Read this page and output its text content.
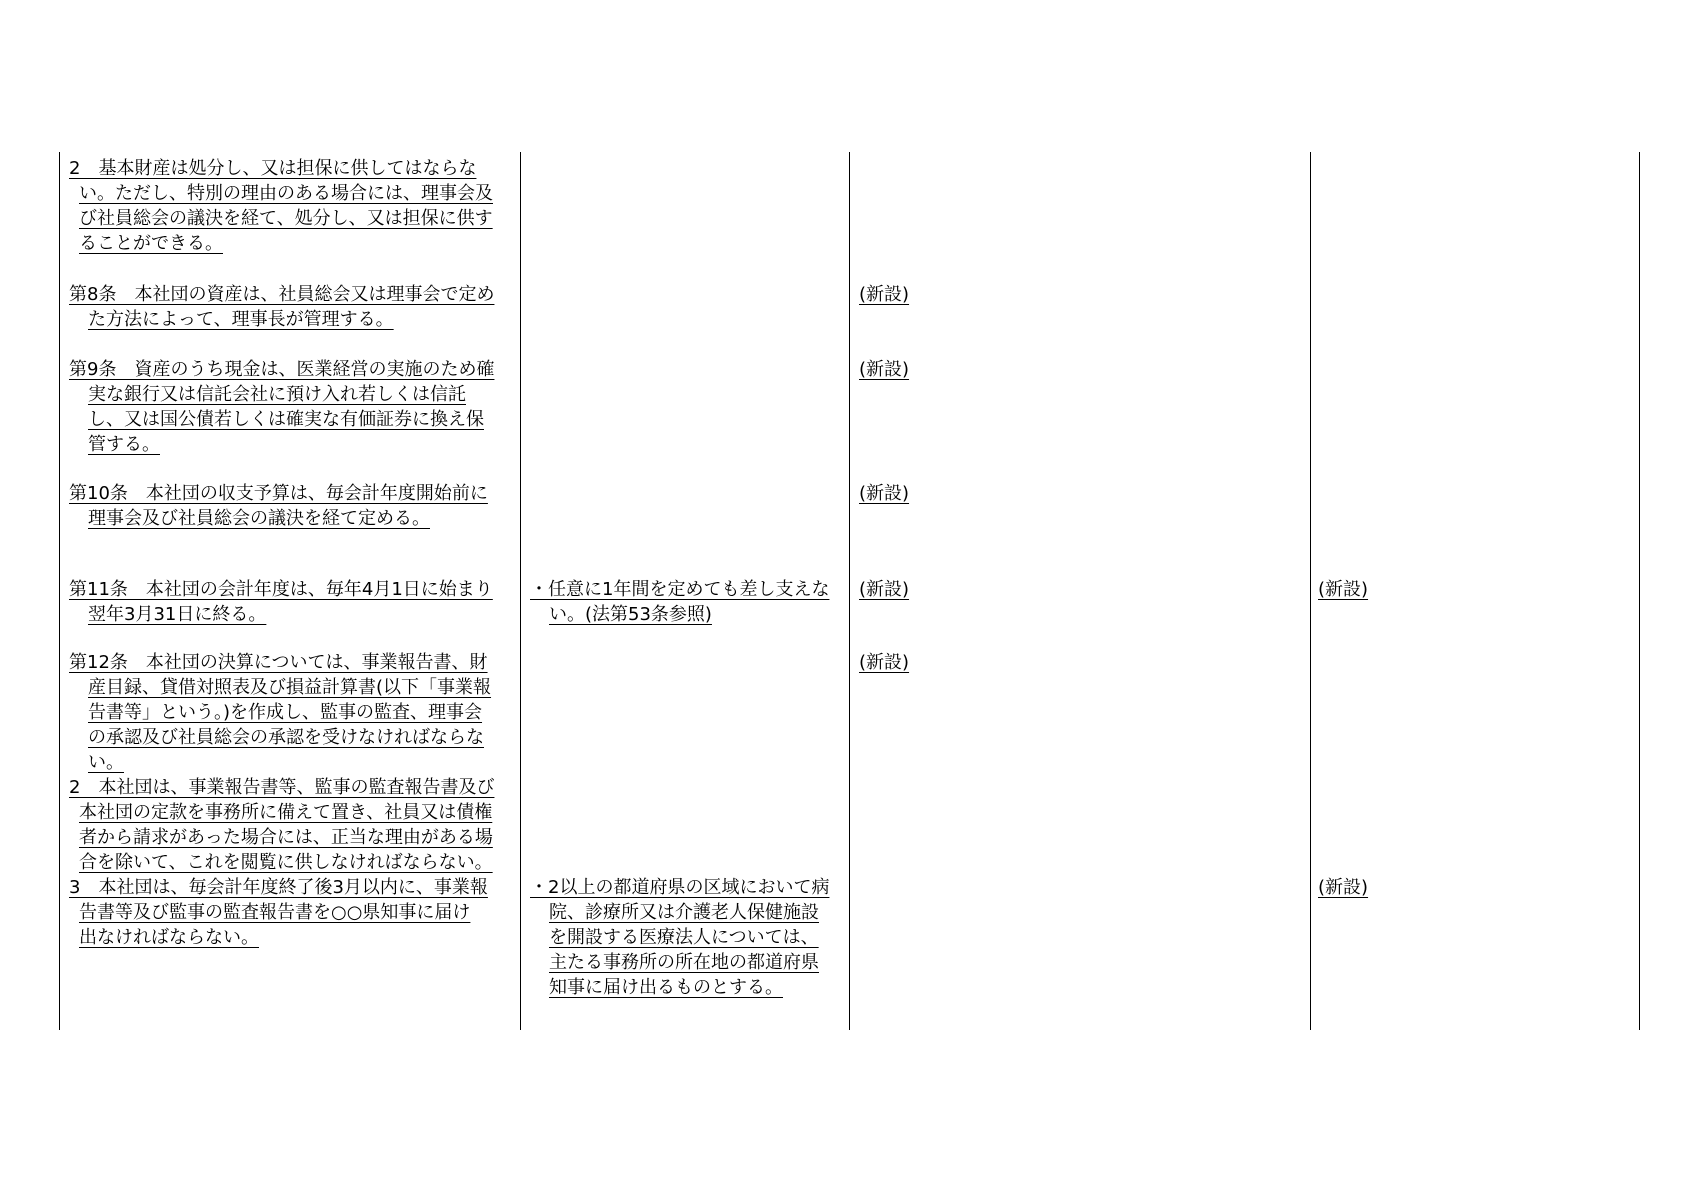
2　基本財産は処分し、又は担保に供してはならな
い。ただし、特別の理由のある場合には、理事会及
び社員総会の議決を経て、処分し、又は担保に供す
ることができる。
第8条　本社団の資産は、社員総会又は理事会で定め
た方法によって、理事長が管理する。
第9条　資産のうち現金は、医業経営の実施のため確
実な銀行又は信託会社に預け入れ若しくは信託
し、又は国公債若しくは確実な有価証券に換え保
管する。
第10条　本社団の収支予算は、毎会計年度開始前に
理事会及び社員総会の議決を経て定める。
第11条　本社団の会計年度は、毎年4月1日に始まり
翌年3月31日に終る。
第12条　本社団の決算については、事業報告書、財
産目録、貸借対照表及び損益計算書(以下「事業報
告書等」という。)を作成し、監事の監査、理事会
の承認及び社員総会の承認を受けなければならな
い。
2　本社団は、事業報告書等、監事の監査報告書及び
本社団の定款を事務所に備えて置き、社員又は債権
者から請求があった場合には、正当な理由がある場
合を除いて、これを閲覧に供しなければならない。
3　本社団は、毎会計年度終了後3月以内に、事業報
告書等及び監事の監査報告書を○○県知事に届け
出なければならない。
・任意に1年間を定めても差し支えな
い。(法第53条参照)
・2以上の都道府県の区域において病
院、診療所又は介護老人保健施設
を開設する医療法人については、
主たる事務所の所在地の都道府県
知事に届け出るものとする。
(新設)
(新設)
(新設)
(新設)
(新設)
(新設)
(新設)
